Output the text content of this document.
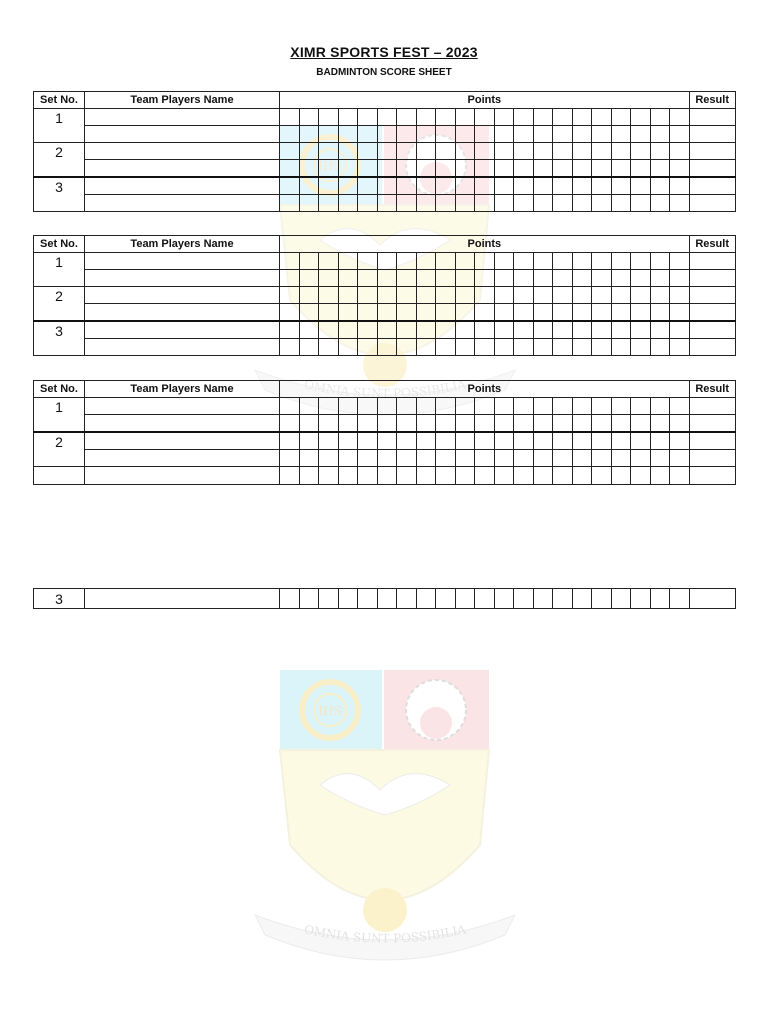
IHS
OMNIA SUNT POSSIBILIA
IHS
OMNIA SUNT POSSIBILIA
XIMR SPORTS FEST – 2023
BADMINTON SCORE SHEET
Set No.	Team Players Name	Points																					Result
1																							

2																							

3																							

Set No.	Team Players Name	Points																					Result
1																							

2																							

3																							

Set No.	Team Players Name	Points																					Result
1																							

2																							

3																							
